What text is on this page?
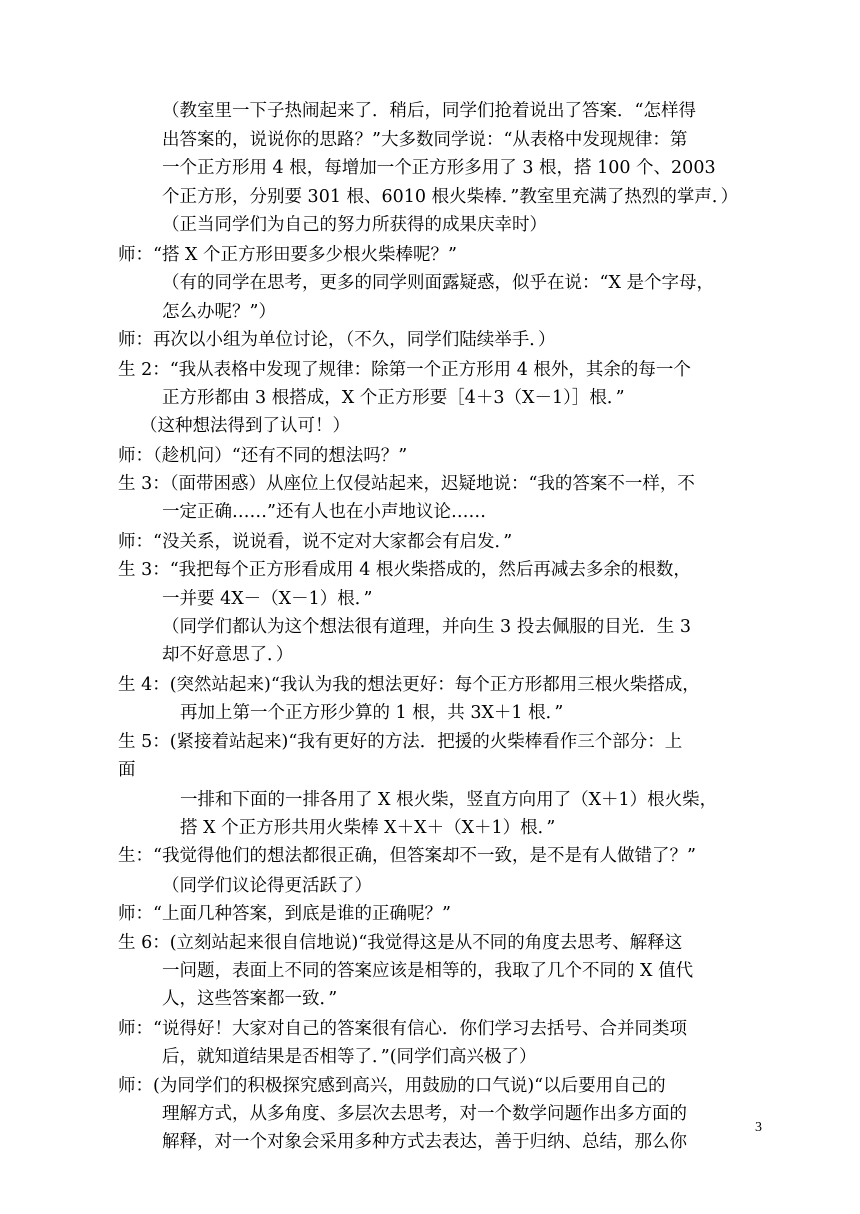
（教室里一下子热闹起来了．稍后，同学们抢着说出了答案．“怎样得
出答案的，说说你的思路？”大多数同学说：“从表格中发现规律：第
一个正方形用 4 根，每增加一个正方形多用了 3 根，搭 100 个、2003
个正方形，分别要 301 根、6010 根火柴棒．”教室里充满了热烈的掌声．）
（正当同学们为自己的努力所获得的成果庆幸时）
师：“搭 X 个正方形田要多少根火柴棒呢？”
（有的同学在思考，更多的同学则面露疑惑，似乎在说：“X 是个字母，
怎么办呢？”）
师：再次以小组为单位讨论，（不久，同学们陆续举手．）
生 2：“我从表格中发现了规律：除第一个正方形用 4 根外，其余的每一个
正方形都由 3 根搭成，X 个正方形要［4＋3（X－1）］根．”
（这种想法得到了认可！）
师：（趁机问）“还有不同的想法吗？”
生 3：（面带困惑）从座位上仅侵站起来，迟疑地说：“我的答案不一样，不
一定正确……”还有人也在小声地议论……
师：“没关系，说说看，说不定对大家都会有启发．”
生 3：“我把每个正方形看成用 4 根火柴搭成的，然后再减去多余的根数，
一并要 4X－（X－1）根．”
（同学们都认为这个想法很有道理，并向生 3 投去佩服的目光．生 3
却不好意思了．）
生 4：(突然站起来)“我认为我的想法更好：每个正方形都用三根火柴搭成，
再加上第一个正方形少算的 1 根，共 3X＋1 根．”
生 5：(紧接着站起来)“我有更好的方法．把援的火柴棒看作三个部分：上
面
一排和下面的一排各用了 X 根火柴，竖直方向用了（X＋1）根火柴，
搭 X 个正方形共用火柴棒 X＋X＋（X＋1）根．”
生：“我觉得他们的想法都很正确，但答案却不一致，是不是有人做错了？”
（同学们议论得更活跃了）
师：“上面几种答案，到底是谁的正确呢？”
生 6：(立刻站起来很自信地说)“我觉得这是从不同的角度去思考、解释这
一问题，表面上不同的答案应该是相等的，我取了几个不同的 X 值代
人，这些答案都一致．”
师：“说得好！大家对自己的答案很有信心．你们学习去括号、合并同类项
后，就知道结果是否相等了．”(同学们高兴极了）
师：(为同学们的积极探究感到高兴，用鼓励的口气说)“以后要用自己的
理解方式，从多角度、多层次去思考，对一个数学问题作出多方面的
解释，对一个对象会采用多种方式去表达，善于归纳、总结，那么你
3
